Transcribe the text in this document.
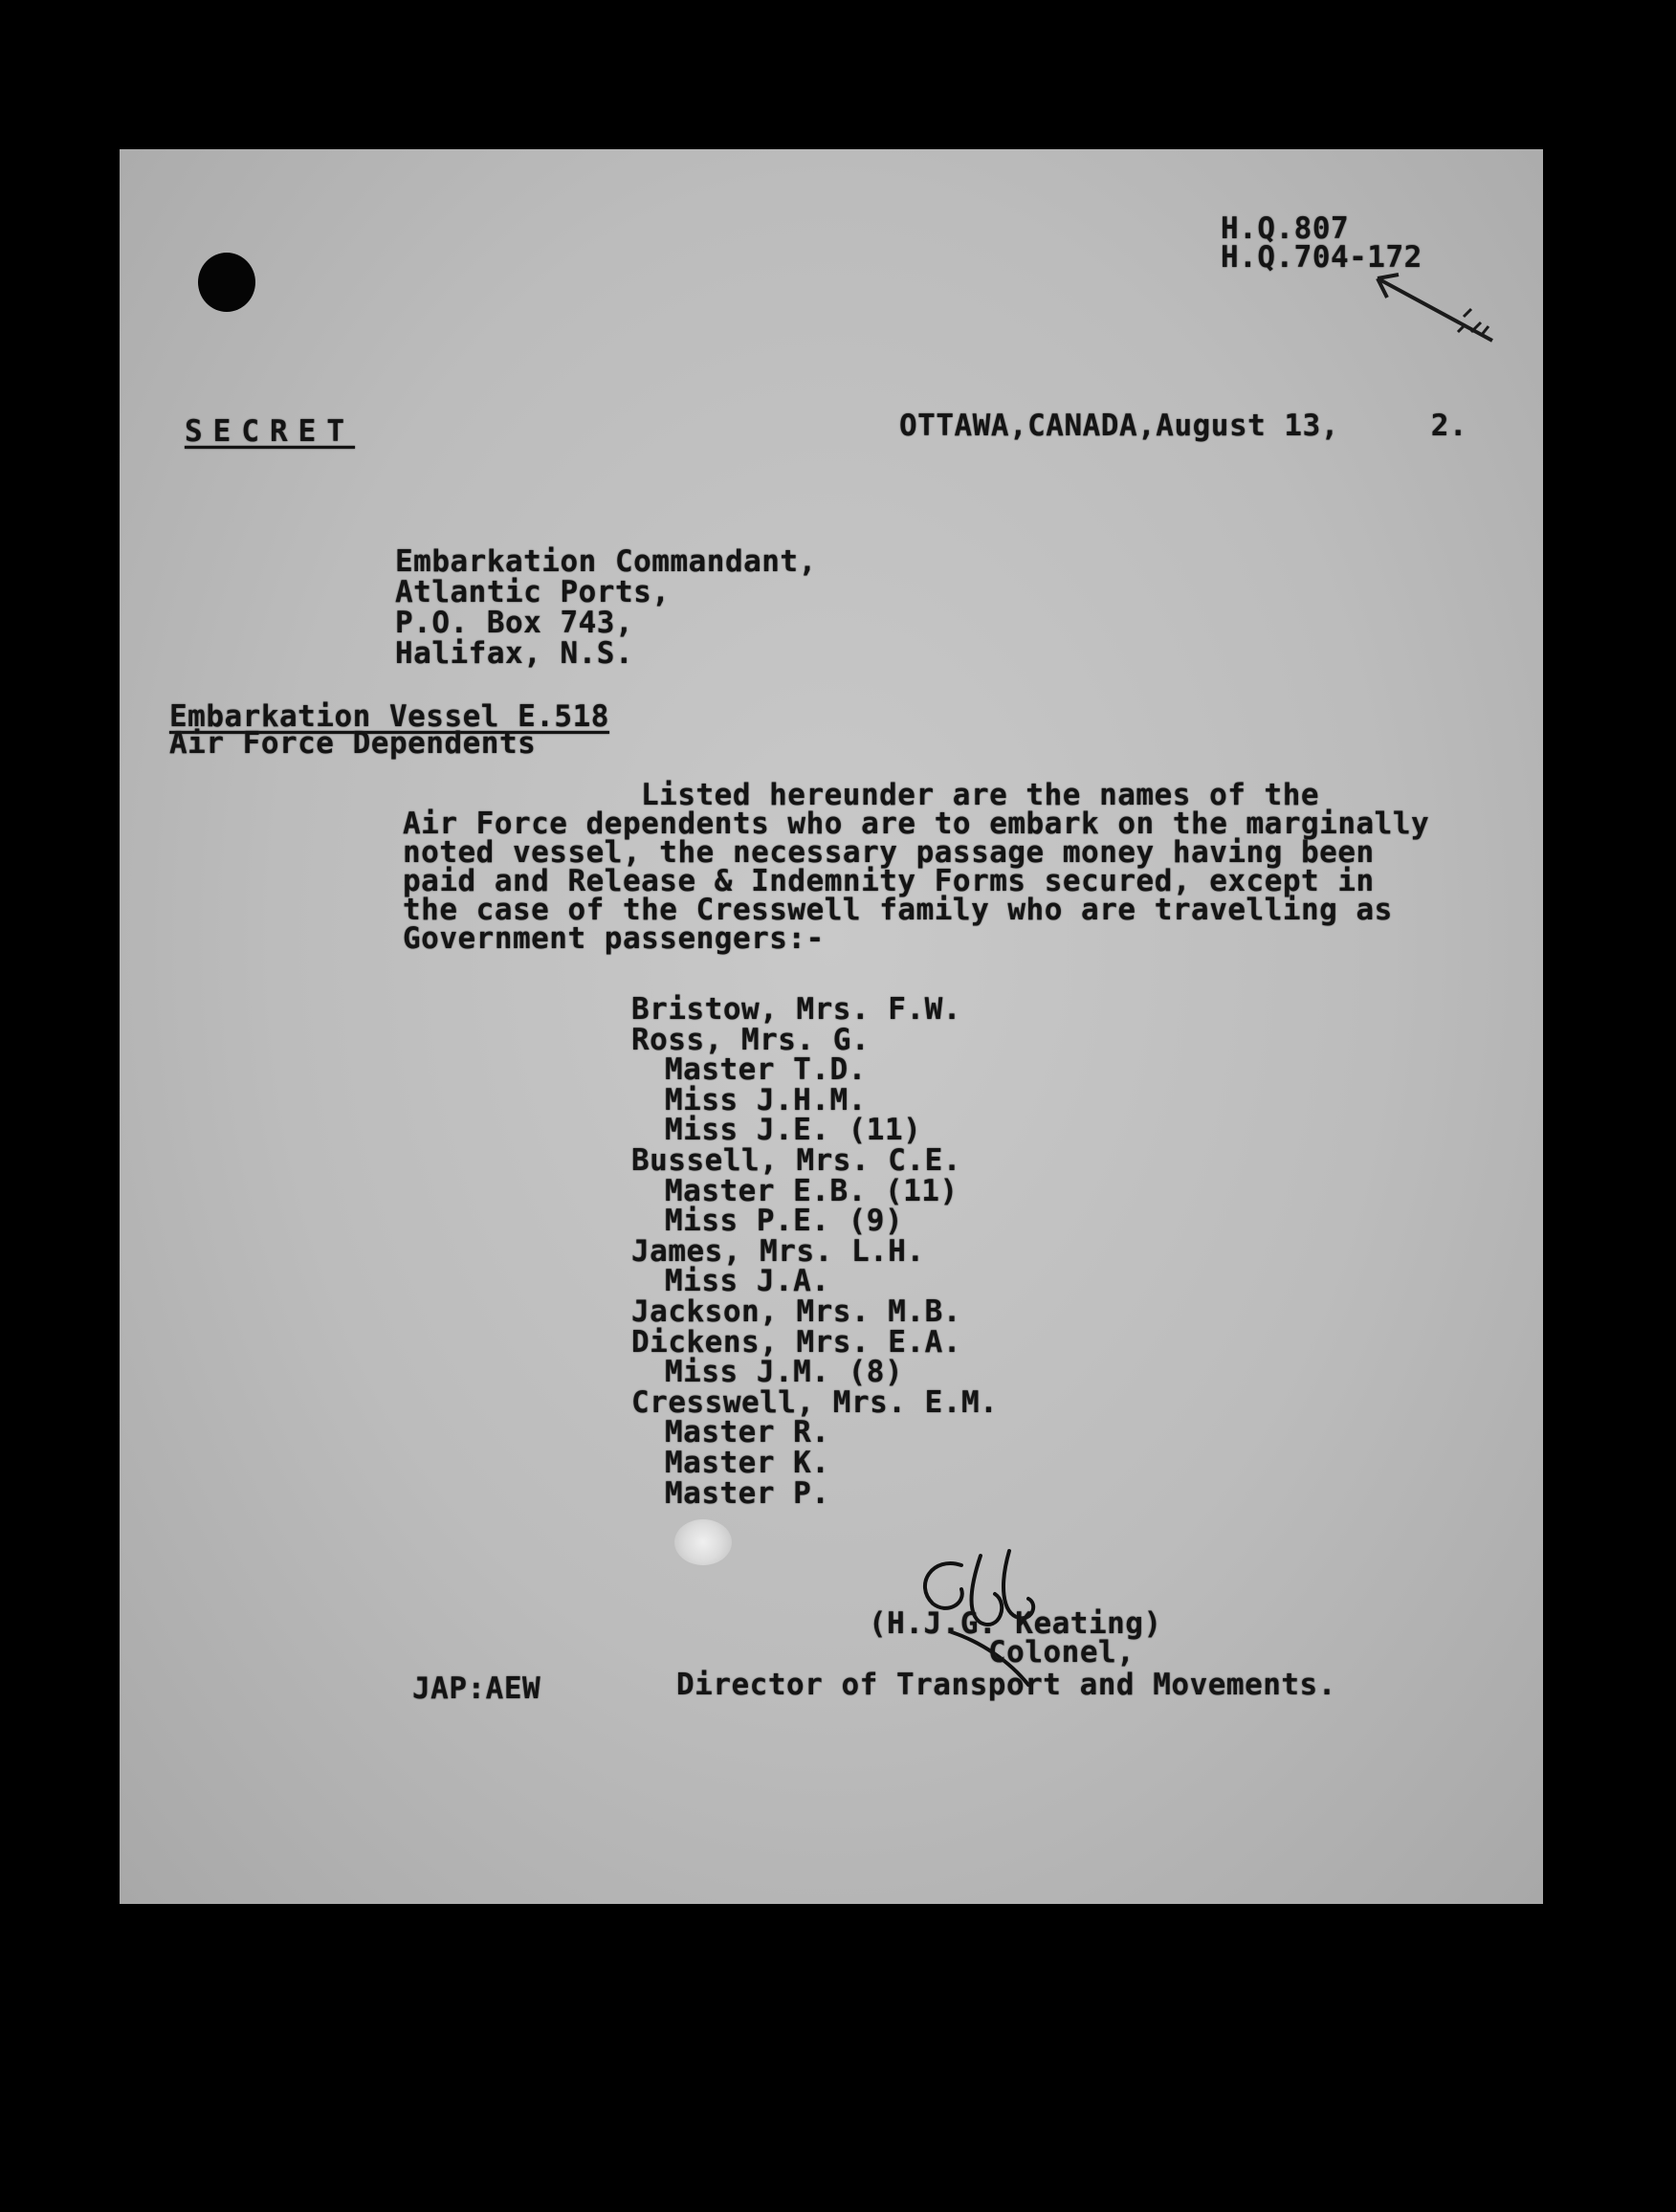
H.Q.807
H.Q.704-172
SECRET	OTTAWA,CANADA,August 13,     2.
Embarkation Commandant,
Atlantic Ports,
P.O. Box 743,
Halifax, N.S.
Embarkation Vessel E.518
Air Force Dependents
Listed hereunder are the names of the
Air Force dependents who are to embark on the marginally
noted vessel, the necessary passage money having been
paid and Release & Indemnity Forms secured, except in
the case of the Cresswell family who are travelling as
Government passengers:-
Bristow, Mrs. F.W.
Ross, Mrs. G.
Master T.D.
Miss J.H.M.
Miss J.E. (11)
Bussell, Mrs. C.E.
Master E.B. (11)
Miss P.E. (9)
James, Mrs. L.H.
Miss J.A.
Jackson, Mrs. M.B.
Dickens, Mrs. E.A.
Miss J.M. (8)
Cresswell, Mrs. E.M.
Master R.
Master K.
Master P.
(H.J.G. Keating)
Colonel,
Director of Transport and Movements.
JAP:AEW
